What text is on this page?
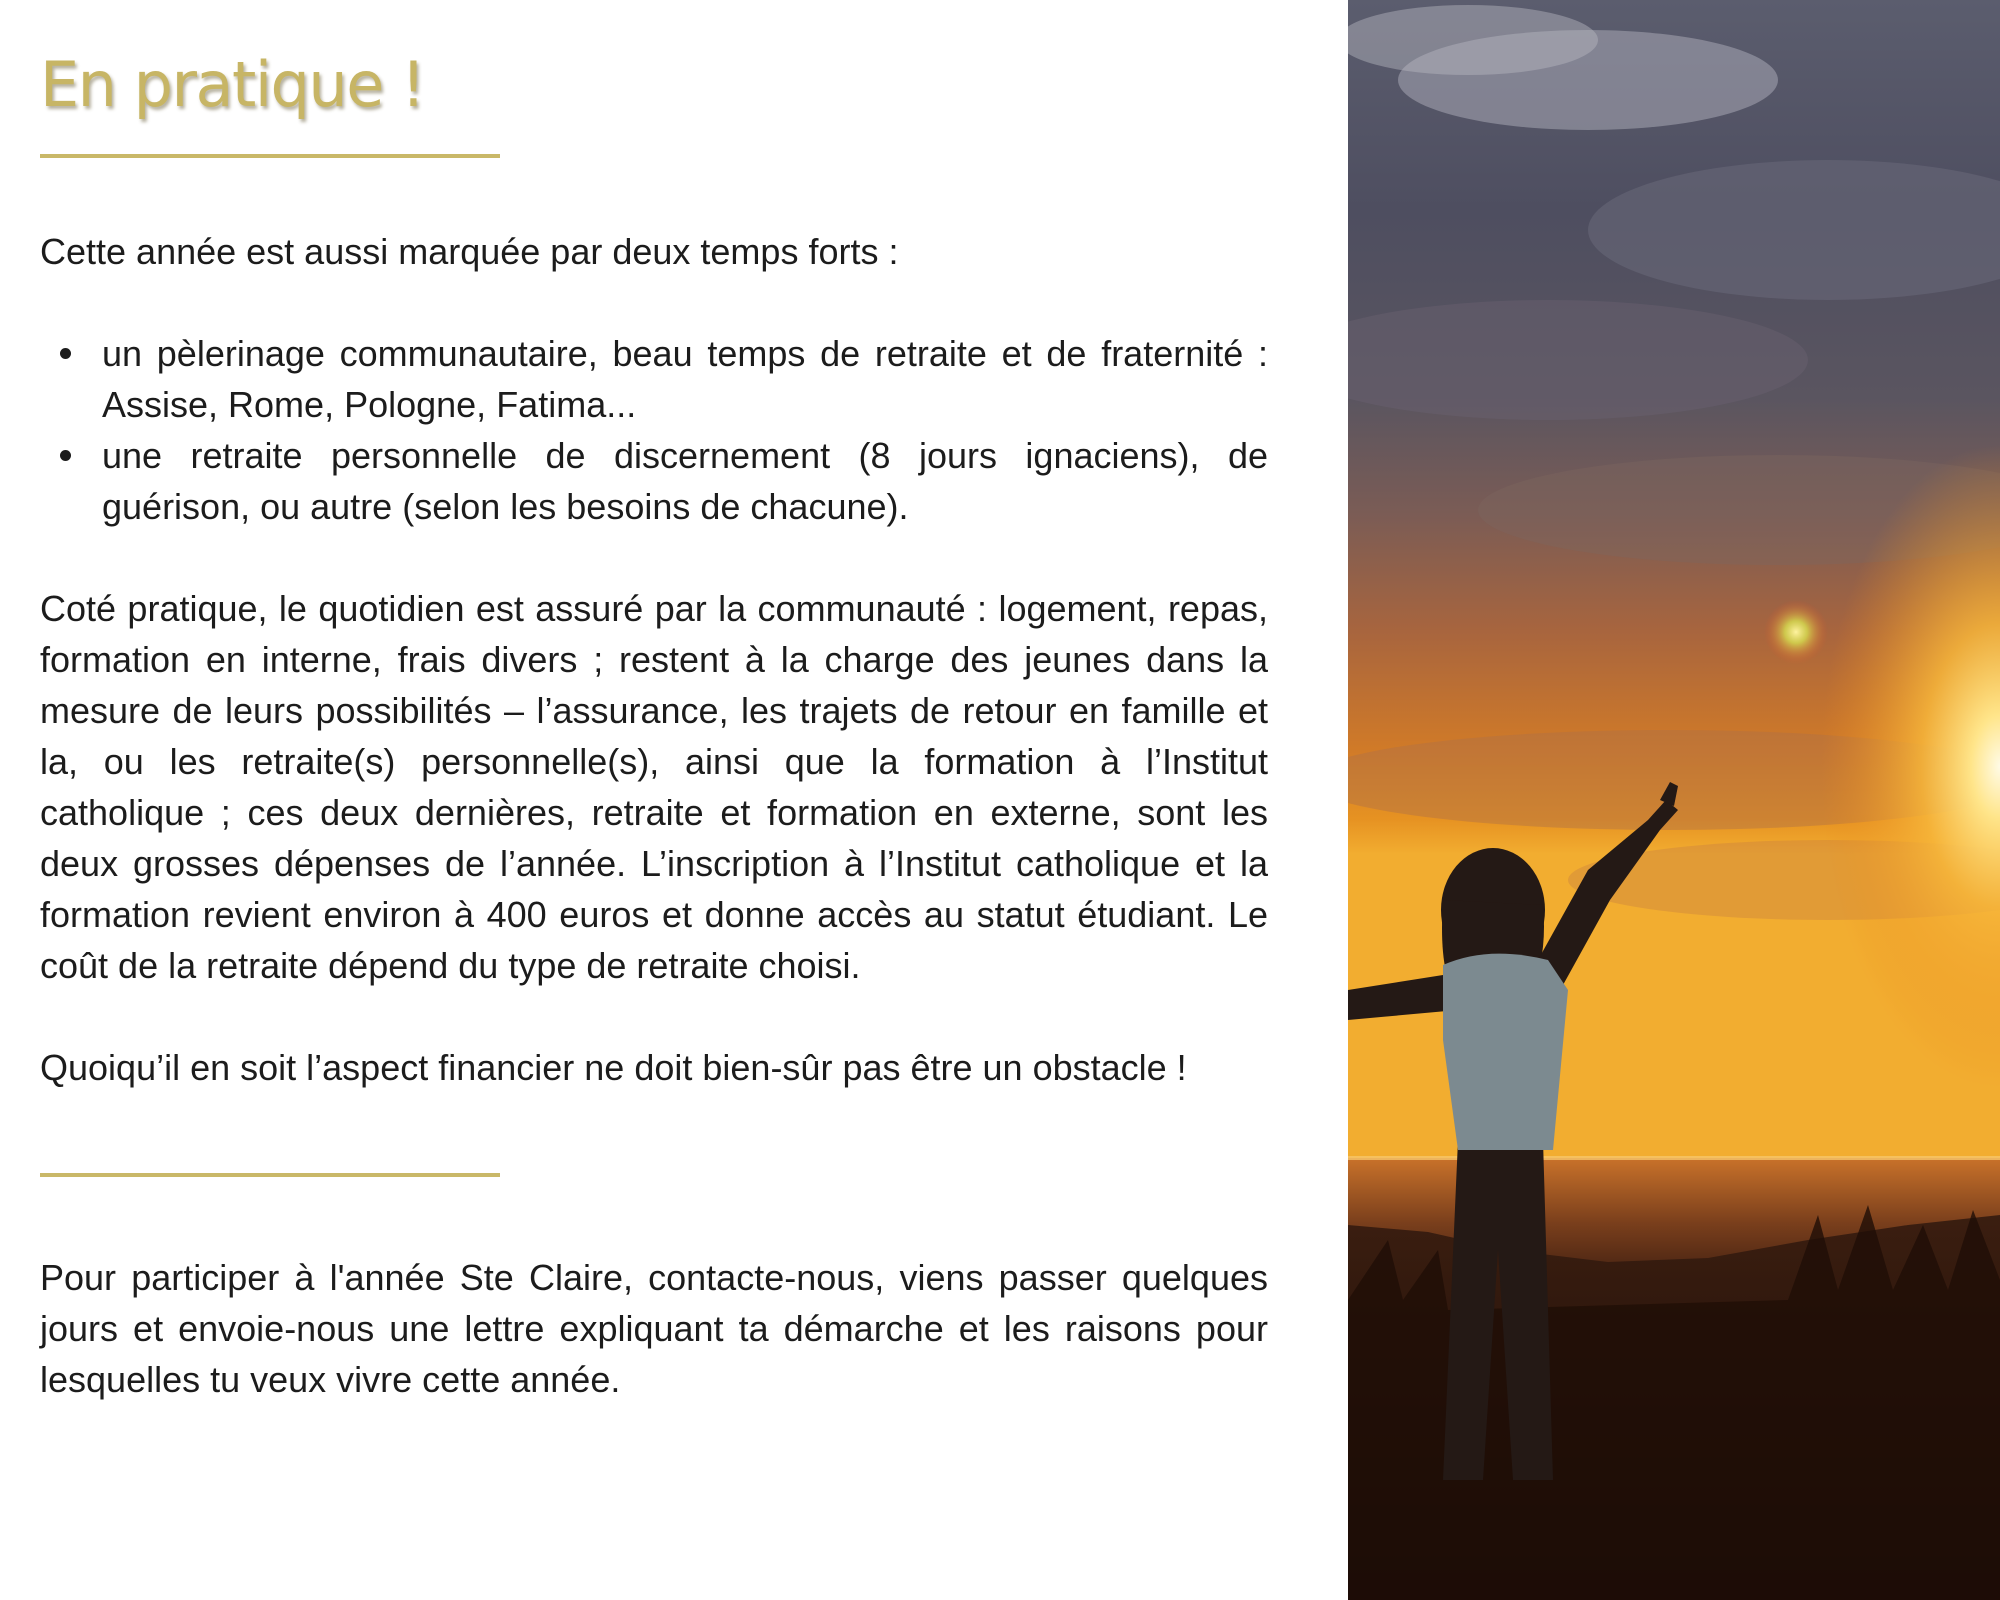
En pratique !

Cette année est aussi marquée par deux temps forts :

un pèlerinage communautaire, beau temps de retraite et de fraternité : Assise, Rome, Pologne, Fatima...
une retraite personnelle de discernement (8 jours ignaciens), de guérison, ou autre (selon les besoins de chacune).

Coté pratique, le quotidien est assuré par la communauté : logement, repas, formation en interne, frais divers ; restent à la charge des jeunes dans la mesure de leurs possibilités – l’assurance, les trajets de retour en famille et la, ou les retraite(s) personnelle(s), ainsi que la formation à l’Institut catholique ; ces deux dernières, retraite et formation en externe, sont les deux grosses dépenses de l’année. L’inscription à l’Institut catholique et la formation revient environ à 400 euros et donne accès au statut étudiant. Le coût de la retraite dépend du type de retraite choisi.

Quoiqu’il en soit l’aspect financier ne doit bien-sûr pas être un obstacle !

Pour participer à l'année Ste Claire, contacte-nous, viens passer quelques jours et envoie-nous une lettre expliquant ta démarche et les raisons pour lesquelles tu veux vivre cette année.
